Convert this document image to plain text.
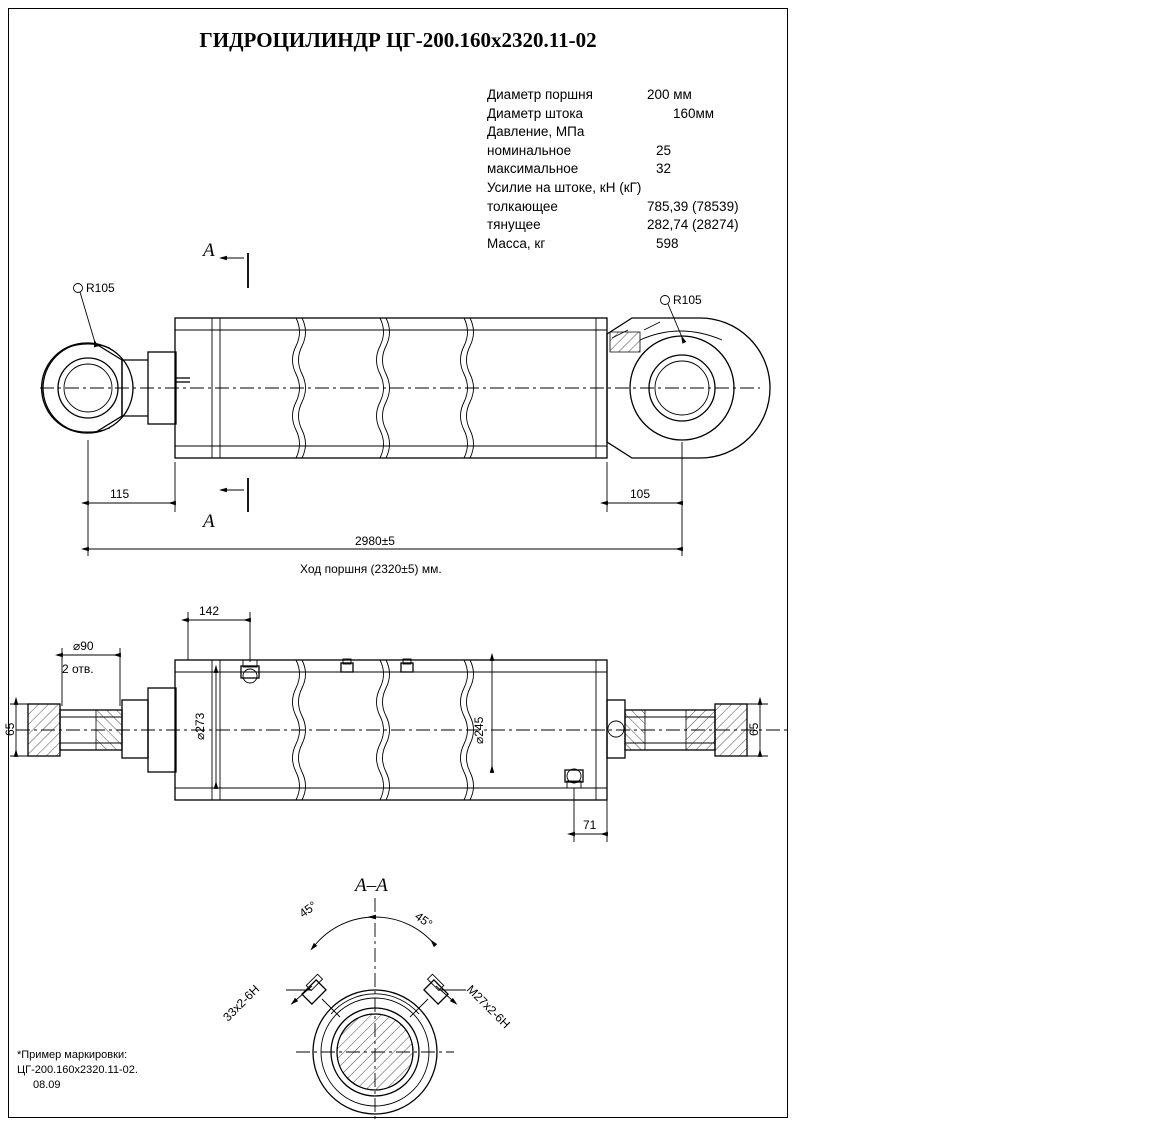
ГИДРОЦИЛИНДР ЦГ-200.160х2320.11-02
Диаметр поршня	200 мм
Диаметр штока	160мм
Давление, МПа
номинальное	25
максимальное	32
Усилие на штоке, кН (кГ)
толкающее	785,39 (78539)
тянущее	282,74 (28274)
Масса, кг	598
*Пример маркировки:
ЦГ-200.160х2320.11-02.
08.09
R105
R105
A
A
115	105
2980±5
Ход поршня (2320±5) мм.
142
⌀90
2 отв.
65	65
⌀273	⌀245
71
A–A
45°	45°
33х2-6Н	М27х2-6Н
